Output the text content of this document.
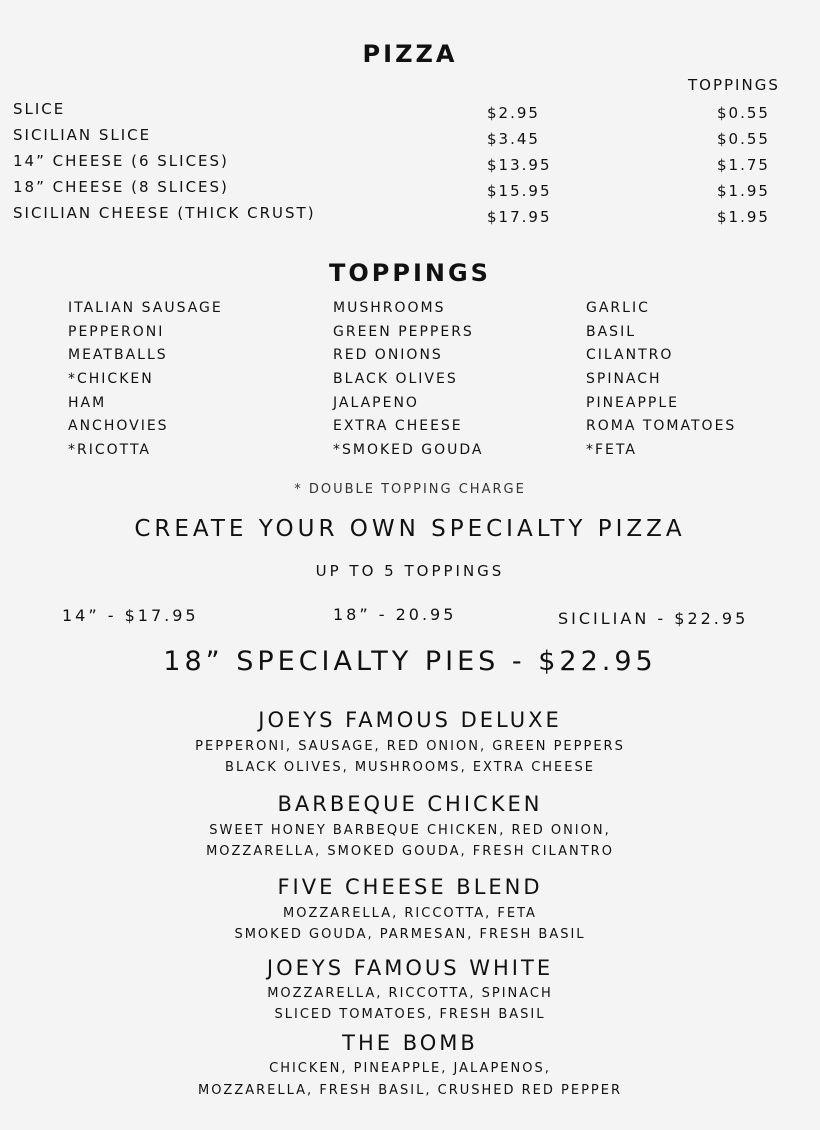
PIZZA
TOPPINGS
SLICE	$2.95	$0.55
SICILIAN SLICE	$3.45	$0.55
14” CHEESE (6 SLICES)	$13.95	$1.75
18” CHEESE (8 SLICES)	$15.95	$1.95
SICILIAN CHEESE (THICK CRUST)	$17.95	$1.95
TOPPINGS
ITALIAN SAUSAGE
PEPPERONI
MEATBALLS
*CHICKEN
HAM
ANCHOVIES
*RICOTTA
MUSHROOMS
GREEN PEPPERS
RED ONIONS
BLACK OLIVES
JALAPENO
EXTRA CHEESE
*SMOKED GOUDA
GARLIC
BASIL
CILANTRO
SPINACH
PINEAPPLE
ROMA TOMATOES
*FETA
* DOUBLE TOPPING CHARGE
CREATE YOUR OWN SPECIALTY PIZZA
UP TO 5 TOPPINGS
14” - $17.95	18” - 20.95	SICILIAN - $22.95
18” SPECIALTY PIES - $22.95
JOEYS FAMOUS DELUXE
PEPPERONI, SAUSAGE, RED ONION, GREEN PEPPERS
BLACK OLIVES, MUSHROOMS, EXTRA CHEESE
BARBEQUE CHICKEN
SWEET HONEY BARBEQUE CHICKEN, RED ONION,
MOZZARELLA, SMOKED GOUDA, FRESH CILANTRO
FIVE CHEESE BLEND
MOZZARELLA, RICCOTTA, FETA
SMOKED GOUDA, PARMESAN, FRESH BASIL
JOEYS FAMOUS WHITE
MOZZARELLA, RICCOTTA, SPINACH
SLICED TOMATOES, FRESH BASIL
THE BOMB
CHICKEN, PINEAPPLE, JALAPENOS,
MOZZARELLA, FRESH BASIL, CRUSHED RED PEPPER
